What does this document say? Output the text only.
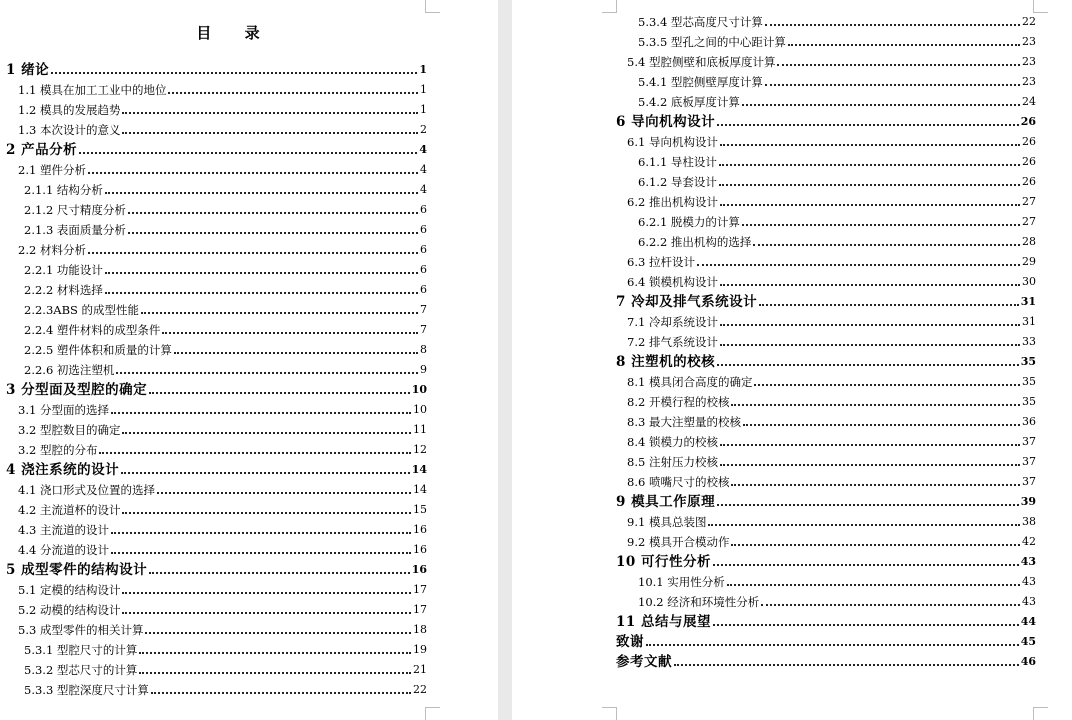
目 录
1 绪论	1
1.1 模具在加工工业中的地位	1
1.2 模具的发展趋势	1
1.3 本次设计的意义	2
2 产品分析	4
2.1 塑件分析	4
2.1.1 结构分析	4
2.1.2 尺寸精度分析	6
2.1.3 表面质量分析	6
2.2 材料分析	6
2.2.1 功能设计	6
2.2.2 材料选择	6
2.2.3ABS 的成型性能	7
2.2.4 塑件材料的成型条件	7
2.2.5 塑件体积和质量的计算	8
2.2.6 初选注塑机	9
3 分型面及型腔的确定	10
3.1 分型面的选择	10
3.2 型腔数目的确定	11
3.2 型腔的分布	12
4 浇注系统的设计	14
4.1 浇口形式及位置的选择	14
4.2 主流道杯的设计	15
4.3 主流道的设计	16
4.4 分流道的设计	16
5 成型零件的结构设计	16
5.1 定模的结构设计	17
5.2 动模的结构设计	17
5.3 成型零件的相关计算	18
5.3.1 型腔尺寸的计算	19
5.3.2 型芯尺寸的计算	21
5.3.3 型腔深度尺寸计算	22
5.3.4 型芯高度尺寸计算	22
5.3.5 型孔之间的中心距计算	23
5.4 型腔侧壁和底板厚度计算	23
5.4.1 型腔侧壁厚度计算	23
5.4.2 底板厚度计算	24
6 导向机构设计	26
6.1 导向机构设计	26
6.1.1 导柱设计	26
6.1.2 导套设计	26
6.2 推出机构设计	27
6.2.1 脱模力的计算	27
6.2.2 推出机构的选择	28
6.3 拉杆设计	29
6.4 锁模机构设计	30
7 冷却及排气系统设计	31
7.1 冷却系统设计	31
7.2 排气系统设计	33
8 注塑机的校核	35
8.1 模具闭合高度的确定	35
8.2 开模行程的校核	35
8.3 最大注塑量的校核	36
8.4 锁模力的校核	37
8.5 注射压力校核	37
8.6 喷嘴尺寸的校核	37
9 模具工作原理	39
9.1 模具总装图	38
9.2 模具开合模动作	42
10 可行性分析	43
10.1 实用性分析	43
10.2 经济和环境性分析	43
11 总结与展望	44
致谢	45
参考文献	46
